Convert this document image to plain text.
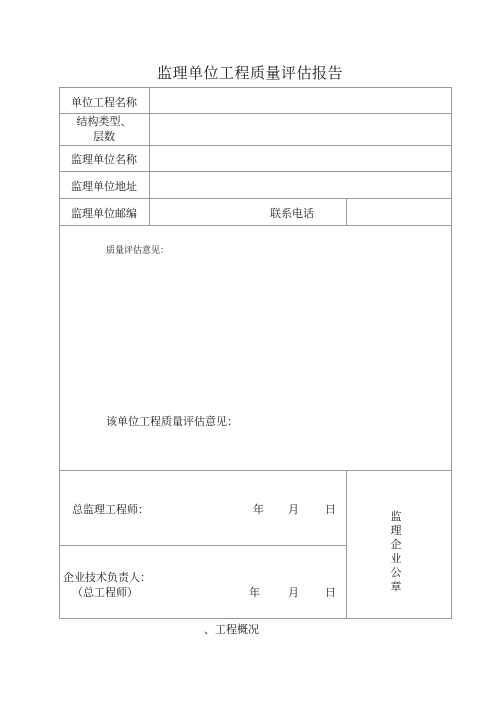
监理单位工程质量评估报告
单位工程名称
结构类型、
层数
监理单位名称
监理单位地址
监理单位邮编	联系电话
质量评估意见：
该单位工程质量评估意见：
总监理工程师：	年 月 日
企业技术负责人：
（总工程师）	年	月 日
监
理
企
业
公
章
、工程概况
